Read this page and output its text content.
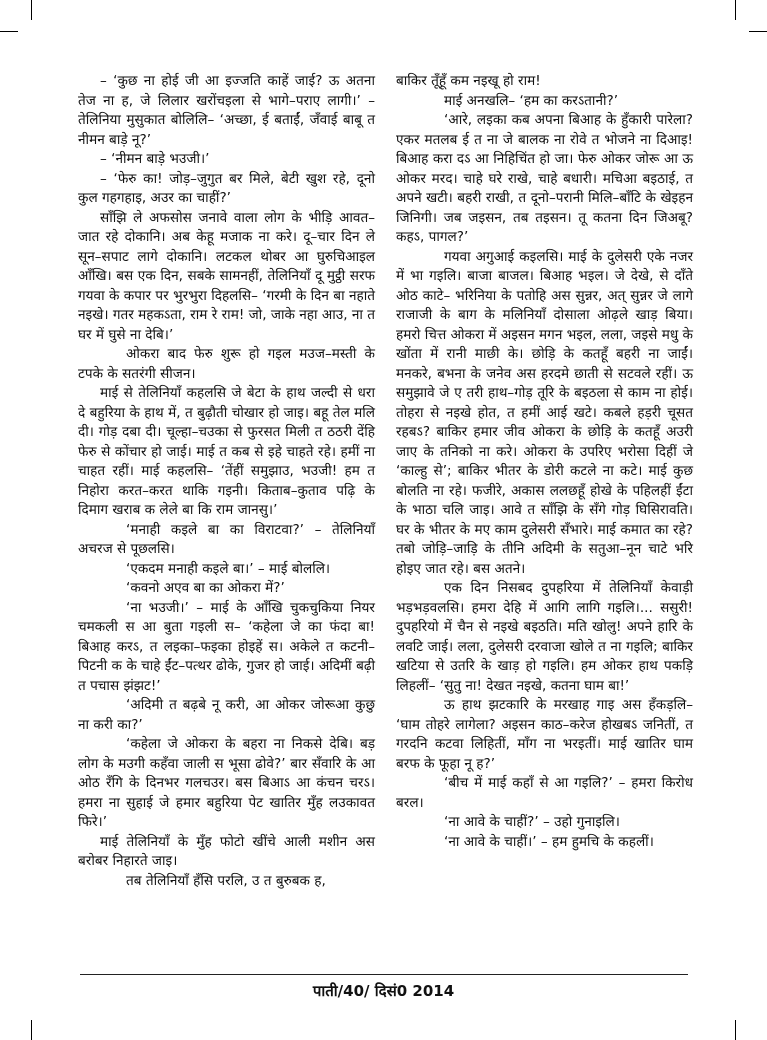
– ‘कुछ ना होई जी आ इज्जति काहें जाई? ऊ अतना तेज ना ह, जे लिलार खरोंचइला से भागे–पराए लागी।’ – तेलिनिया मुसुकात बोलिलि– ‘अच्छा, ई बताईं, जँवाई बाबू त नीमन बाड़े नू?’

– ‘नीमन बाड़े भउजी।’

– ‘फेरु का! जोड़–जुगुत बर मिले, बेटी खुश रहे, दूनो कुल गहगहाइ, अउर का चाहीं?’

साँझि ले अफसोस जनावे वाला लोग के भीड़ि आवत–जात रहे दोकानि। अब केहू मजाक ना करे। दू–चार दिन ले सून–सपाट लागे दोकानि। लटकल थोबर आ घुरुचिआइल आँखि। बस एक दिन, सबके सामनहीं, तेलिनियाँ दू मुट्ठी सरफ गयवा के कपार पर भुरभुरा दिहलसि– ‘गरमी के दिन बा नहाते नइखे। गतर महकऽता, राम रे राम! जो, जाके नहा आउ, ना त घर में घुसे ना देबि।’

ओकरा बाद फेरु शुरू हो गइल मउज–मस्ती के टपके के सतरंगी सीजन।

माई से तेलिनियाँ कहलसि जे बेटा के हाथ जल्दी से धरा दे बहुरिया के हाथ में, त बुढ़ौती चोखार हो जाइ। बहू तेल मलि दी। गोड़ दबा दी। चूल्हा–चउका से फुरसत मिली त ठठरी देंहि फेरु से कोंचार हो जाई। माई त कब से इहे चाहते रहे। हमीं ना चाहत रहीं। माई कहलसि– ‘तेंहीं समुझाउ, भउजी! हम त निहोरा करत–करत थाकि गइनी। किताब–कुताव पढ़ि के दिमाग खराब क लेले बा कि राम जानसु।’

‘मनाही कइले बा का विराटवा?’ – तेलिनियाँ अचरज से पूछलसि।

‘एकदम मनाही कइले बा।’ – माई बोललि।

‘कवनो अएव बा का ओकरा में?’

‘ना भउजी।’ – माई के आँखि चुकचुकिया नियर चमकली स आ बुता गइली स– ‘कहेला जे का फंदा बा! बिआह करऽ, त लइका–फइका होइहें स। अकेले त कटनी–पिटनी क के चाहे ईंट–पत्थर ढोके, गुजर हो जाई। अदिमीं बढ़ी त पचास झंझट!’

‘अदिमी त बढ़बे नू करी, आ ओकर जोरूआ कुछु ना करी का?’

‘कहेला जे ओकरा के बहरा ना निकसे देबि। बड़ लोग के मउगी कहँवा जाली स भूसा ढोवे?’ बार सँवारि के आ ओठ रँगि के दिनभर गलचउर। बस बिआऽ आ कंचन चरऽ। हमरा ना सुहाई जे हमार बहुरिया पेट खातिर मुँह लउकावत फिरे।’

माई तेलिनियाँ के मुँह फोटो खींचे आली मशीन अस बरोबर निहारते जाइ।

तब तेलिनियाँ हँसि परलि, उ त बुरुबक ह,

बाकिर तूँहूँ कम नइखू हो राम!

माई अनखलि– ‘हम का करऽतानी?’

‘आरे, लइका कब अपना बिआह के हुँकारी पारेला? एकर मतलब ई त ना जे बालक ना रोवे त भोजने ना दिआइ! बिआह करा दऽ आ निहिचिंत हो जा। फेरु ओकर जोरू आ ऊ ओकर मरद। चाहे घरे राखे, चाहे बधारी। मचिआ बइठाई, त अपने खटी। बहरी राखी, त दूनो–परानी मिलि–बाँटि के खेइहन जिनिगी। जब जइसन, तब तइसन। तू कतना दिन जिअबू? कहऽ, पागल?’

गयवा अगुआई कइलसि। माई के दुलेसरी एके नजर में भा गइलि। बाजा बाजल। बिआह भइल। जे देखे, से दाँते ओठ काटे– भरिनिया के पतोहि अस सुन्नर, अत् सुन्नर जे लागे राजाजी के बाग के मलिनियाँ दोसाला ओढ़ले खाड़ बिया। हमरो चित्त ओकरा में अइसन मगन भइल, लला, जइसे मधु के खोंता में रानी माछी के। छोड़ि के कतहूँ बहरी ना जाईं। मनकरे, बभना के जनेव अस हरदमे छाती से सटवले रहीं। ऊ समुझावे जे ए तरी हाथ–गोड़ तूरि के बइठला से काम ना होई। तोहरा से नइखे होत, त हमीं आई खटे। कबले हड़री चूसत रहबऽ? बाकिर हमार जीव ओकरा के छोड़ि के कतहूँ अउरी जाए के तनिको ना करे। ओकरा के उपरिए भरोसा दिहीं जे ‘काल्हु से’; बाकिर भीतर के डोरी कटले ना कटे। माई कुछ बोलति ना रहे। फजीरे, अकास ललछहूँ होखे के पहिलहीं ईंटा के भाठा चलि जाइ। आवे त साँझि के सँगे गोड़ घिसिरावति। घर के भीतर के मए काम दुलेसरी सँभारे। माई कमात का रहे? तबो जोड़ि–जाड़ि के तीनि अदिमी के सतुआ–नून चाटे भरि होइए जात रहे। बस अतने।

एक दिन निसबद दुपहरिया में तेलिनियाँ केवाड़ी भड़भड़वलसि। हमरा देहि में आगि लागि गइलि।... ससुरी! दुपहरियो में चैन से नइखे बइठति। मति खोलु! अपने हारि के लवटि जाई। लला, दुलेसरी दरवाजा खोले त ना गइलि; बाकिर खटिया से उतरि के खाड़ हो गइलि। हम ओकर हाथ पकड़ि लिहलीं– ‘सुतु ना! देखत नइखे, कतना घाम बा!’

ऊ हाथ झटकारि के मरखाह गाइ अस हँकड़लि– ‘घाम तोहरे लागेला? अइसन काठ–करेज होखबऽ जनितीं, त गरदनि कटवा लिहितीं, माँग ना भरइतीं। माई खातिर घाम बरफ के फूहा नू ह?’

‘बीच में माई कहाँ से आ गइलि?’ – हमरा किरोध बरल।

‘ना आवे के चाहीं?’ – उहो गुनाइलि।

‘ना आवे के चाहीं।’ – हम हुमचि के कहलीं।

पाती/40/ दिसं0 2014
